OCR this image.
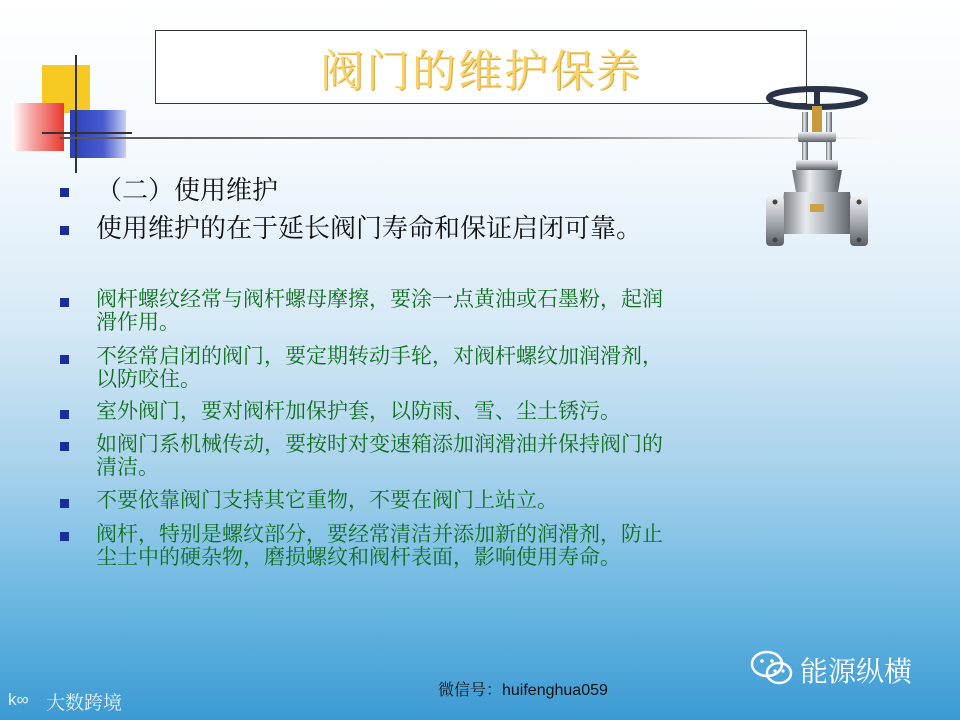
阀门的维护保养
（二）使用维护
使用维护的在于延长阀门寿命和保证启闭可靠。
阀杆螺纹经常与阀杆螺母摩擦，要涂一点黄油或石墨粉，起润
滑作用。
不经常启闭的阀门，要定期转动手轮，对阀杆螺纹加润滑剂，
以防咬住。
室外阀门，要对阀杆加保护套，以防雨、雪、尘土锈污。
如阀门系机械传动，要按时对变速箱添加润滑油并保持阀门的
清洁。
不要依靠阀门支持其它重物，不要在阀门上站立。
阀杆，特别是螺纹部分，要经常清洁并添加新的润滑剂，防止
尘土中的硬杂物，磨损螺纹和阀杆表面，影响使用寿命。
微信号：huifenghua059
能源纵横
k∞ 大数跨境
